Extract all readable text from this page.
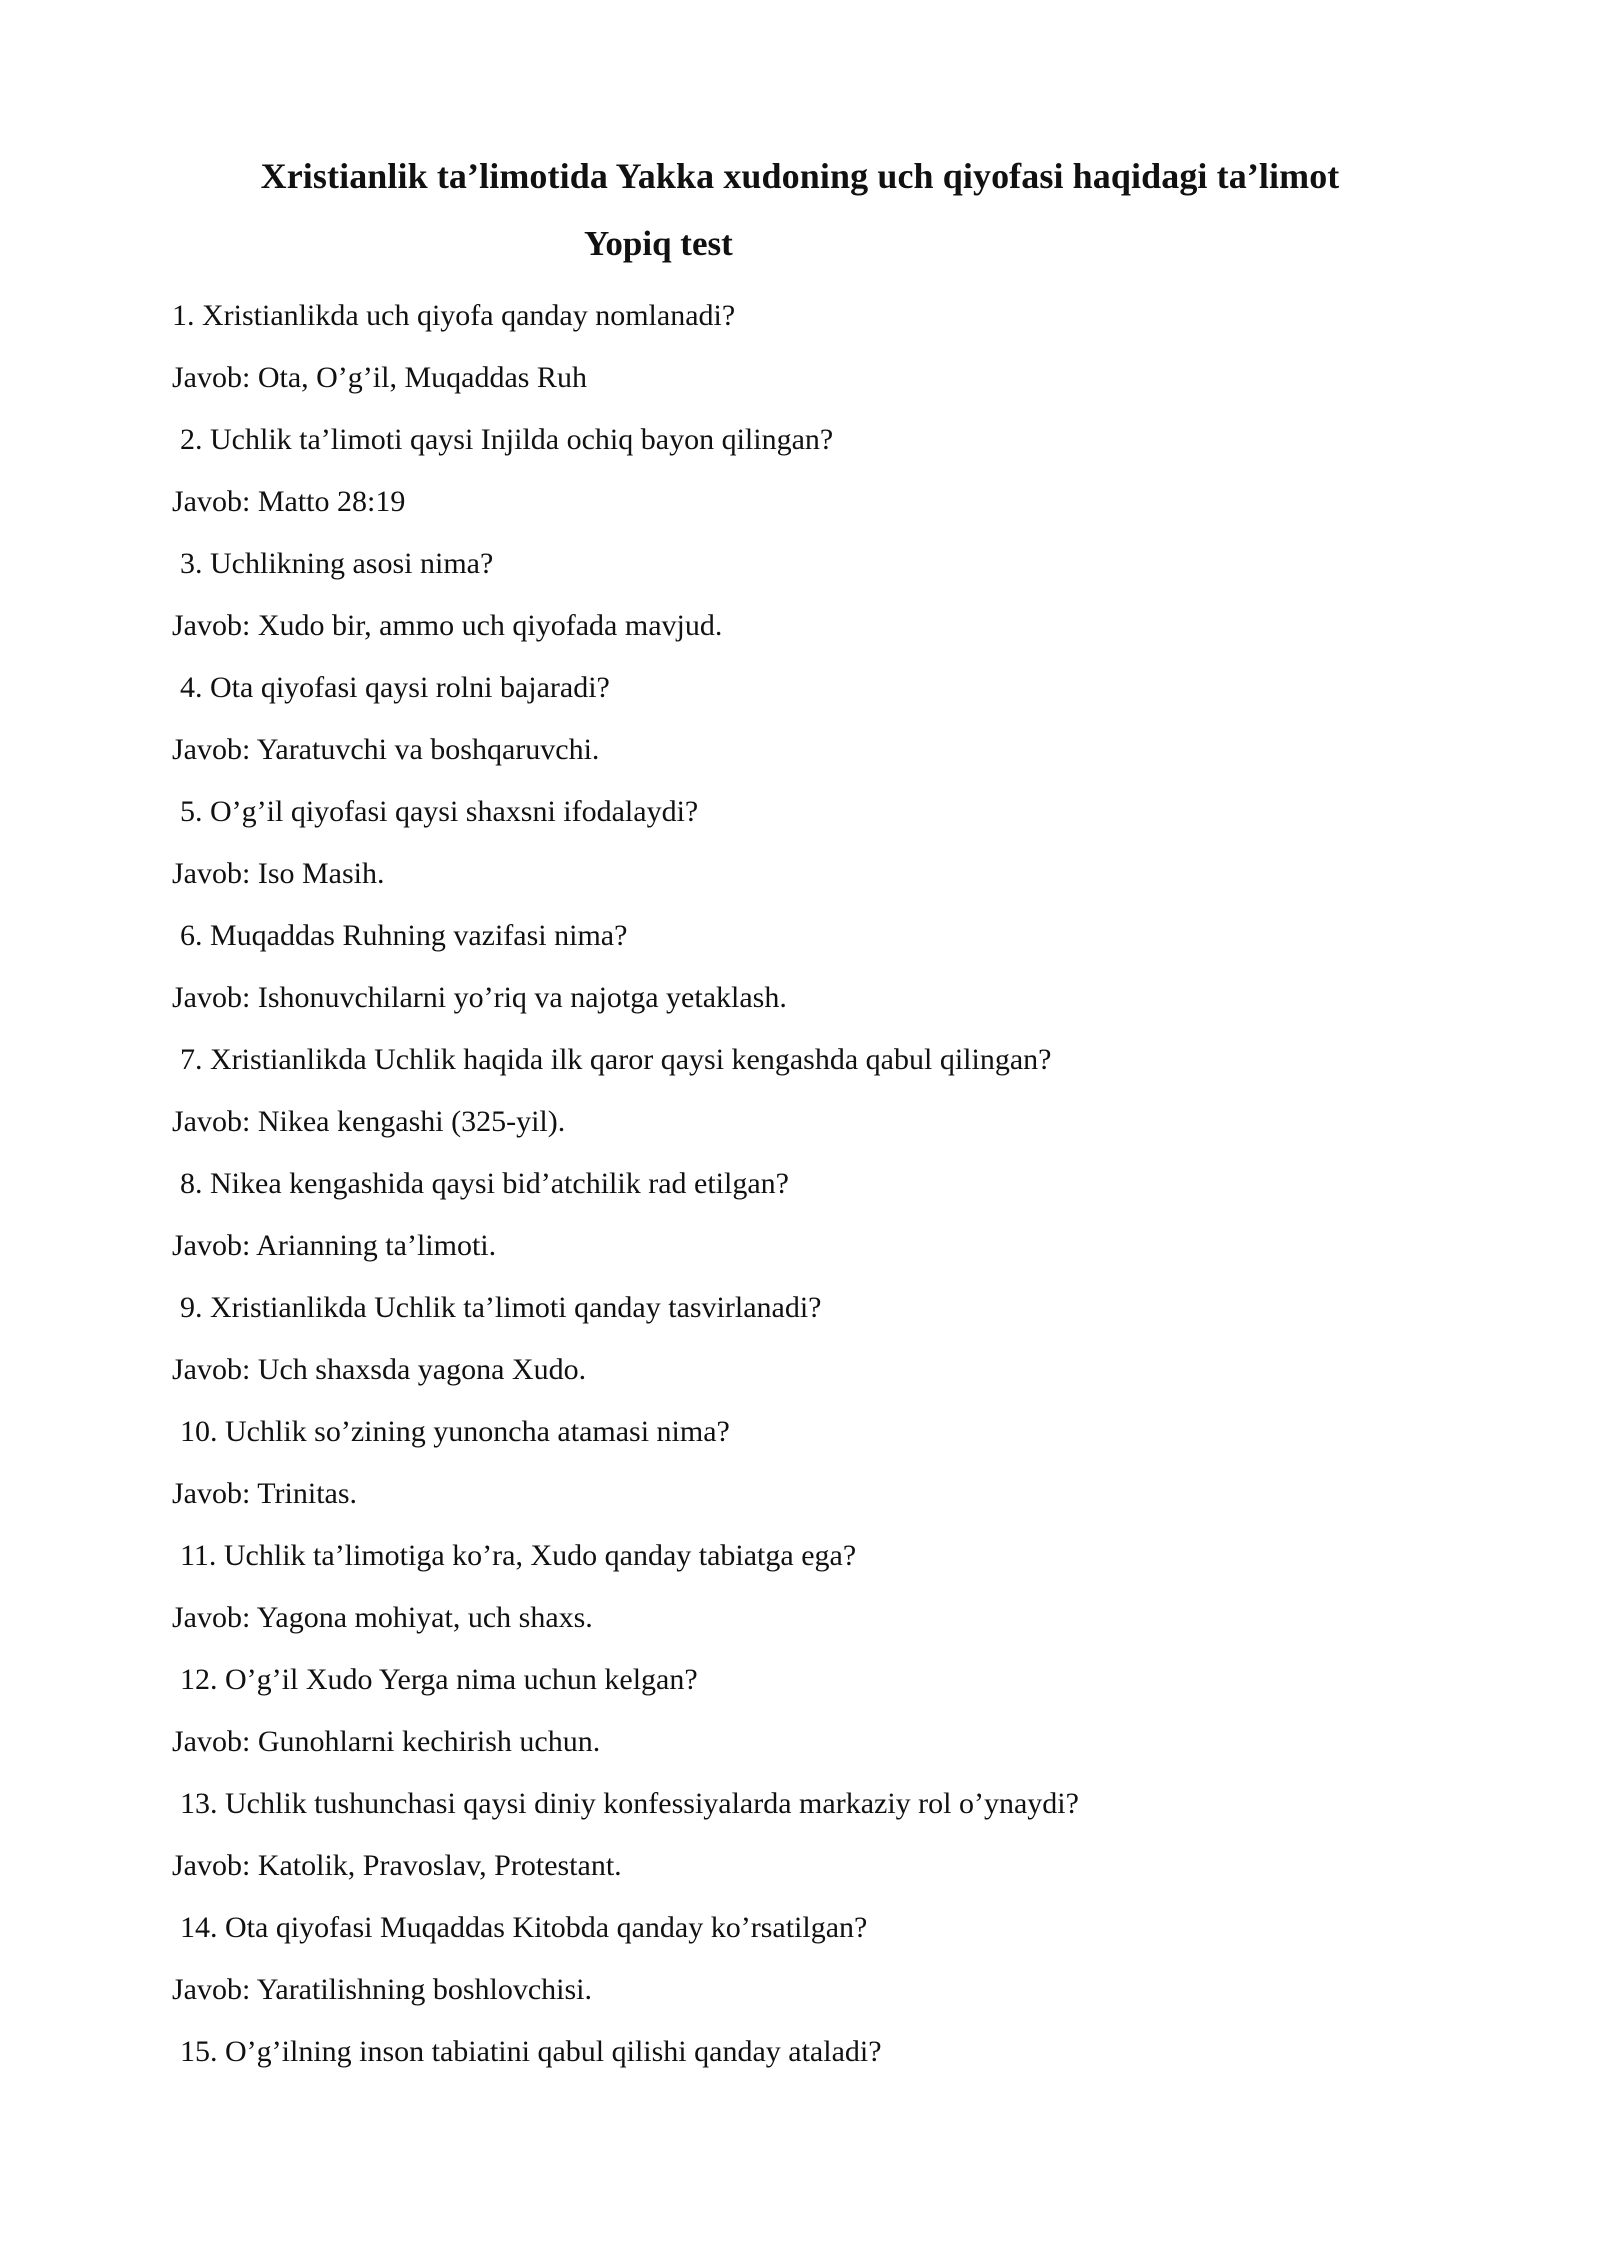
Xristianlik ta’limotida Yakka xudoning uch qiyofasi haqidagi ta’limot
Yopiq test
1. Xristianlikda uch qiyofa qanday nomlanadi?
Javob: Ota, O’g’il, Muqaddas Ruh
2. Uchlik ta’limoti qaysi Injilda ochiq bayon qilingan?
Javob: Matto 28:19
3. Uchlikning asosi nima?
Javob: Xudo bir, ammo uch qiyofada mavjud.
4. Ota qiyofasi qaysi rolni bajaradi?
Javob: Yaratuvchi va boshqaruvchi.
5. O’g’il qiyofasi qaysi shaxsni ifodalaydi?
Javob: Iso Masih.
6. Muqaddas Ruhning vazifasi nima?
Javob: Ishonuvchilarni yo’riq va najotga yetaklash.
7. Xristianlikda Uchlik haqida ilk qaror qaysi kengashda qabul qilingan?
Javob: Nikea kengashi (325-yil).
8. Nikea kengashida qaysi bid’atchilik rad etilgan?
Javob: Arianning ta’limoti.
9. Xristianlikda Uchlik ta’limoti qanday tasvirlanadi?
Javob: Uch shaxsda yagona Xudo.
10. Uchlik so’zining yunoncha atamasi nima?
Javob: Trinitas.
11. Uchlik ta’limotiga ko’ra, Xudo qanday tabiatga ega?
Javob: Yagona mohiyat, uch shaxs.
12. O’g’il Xudo Yerga nima uchun kelgan?
Javob: Gunohlarni kechirish uchun.
13. Uchlik tushunchasi qaysi diniy konfessiyalarda markaziy rol o’ynaydi?
Javob: Katolik, Pravoslav, Protestant.
14. Ota qiyofasi Muqaddas Kitobda qanday ko’rsatilgan?
Javob: Yaratilishning boshlovchisi.
15. O’g’ilning inson tabiatini qabul qilishi qanday ataladi?
